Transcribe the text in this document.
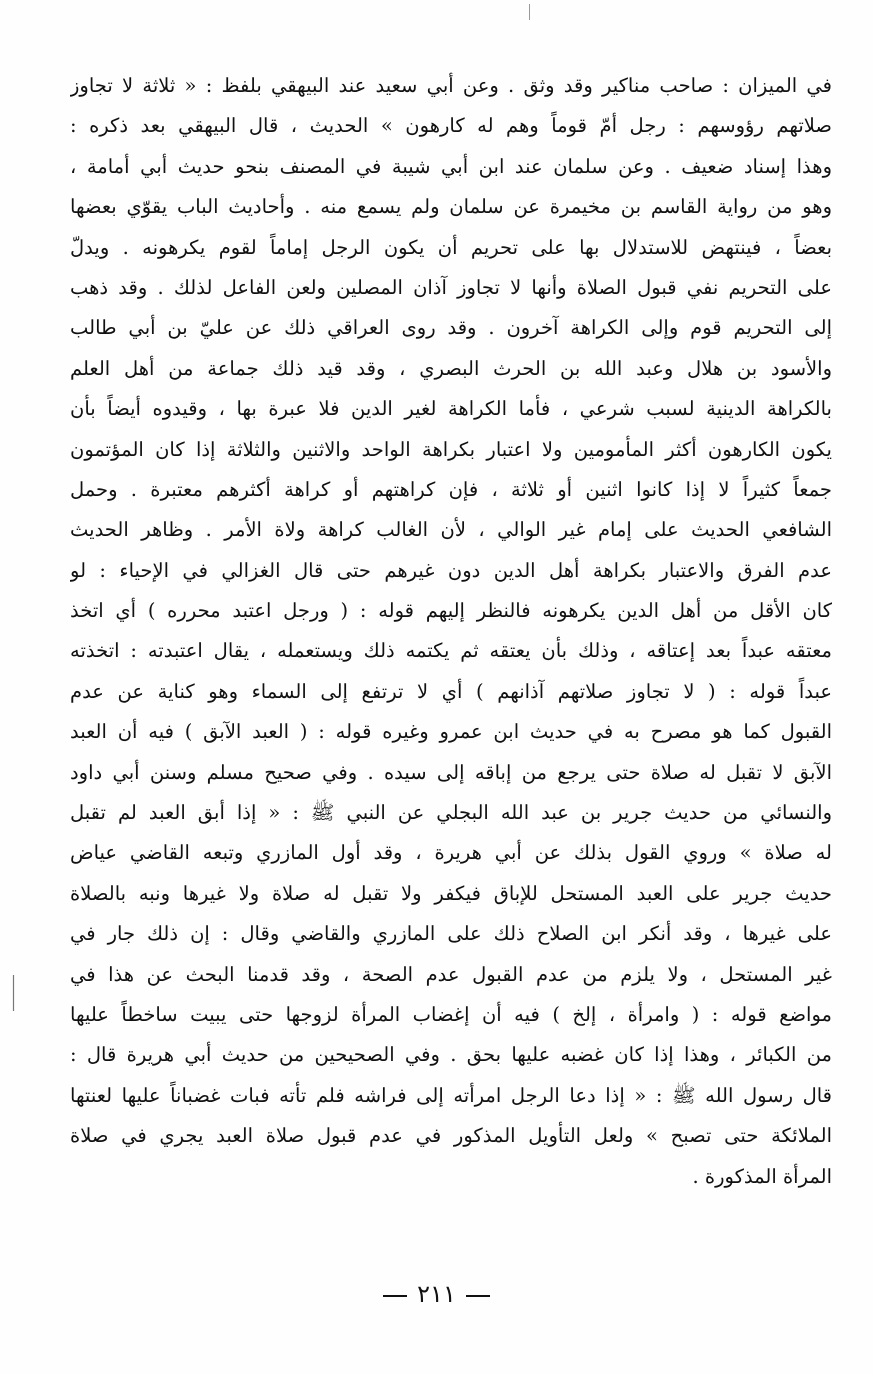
في الميزان : صاحب مناكير وقد وثق . وعن أبي سعيد عند البيهقي بلفظ : « ثلاثة لا تجاوز
صلاتهم رؤوسهم : رجل أمّ قوماً وهم له كارهون » الحديث ، قال البيهقي بعد ذكره :
وهذا إسناد ضعيف . وعن سلمان عند ابن أبي شيبة في المصنف بنحو حديث أبي أمامة ،
وهو من رواية القاسم بن مخيمرة عن سلمان ولم يسمع منه . وأحاديث الباب يقوّي بعضها
بعضاً ، فينتهض للاستدلال بها على تحريم أن يكون الرجل إماماً لقوم يكرهونه . ويدلّ
على التحريم نفي قبول الصلاة وأنها لا تجاوز آذان المصلين ولعن الفاعل لذلك . وقد ذهب
إلى التحريم قوم وإلى الكراهة آخرون . وقد روى العراقي ذلك عن عليّ بن أبي طالب
والأسود بن هلال وعبد الله بن الحرث البصري ، وقد قيد ذلك جماعة من أهل العلم
بالكراهة الدينية لسبب شرعي ، فأما الكراهة لغير الدين فلا عبرة بها ، وقيدوه أيضاً بأن
يكون الكارهون أكثر المأمومين ولا اعتبار بكراهة الواحد والاثنين والثلاثة إذا كان المؤتمون
جمعاً كثيراً لا إذا كانوا اثنين أو ثلاثة ، فإن كراهتهم أو كراهة أكثرهم معتبرة . وحمل
الشافعي الحديث على إمام غير الوالي ، لأن الغالب كراهة ولاة الأمر . وظاهر الحديث
عدم الفرق والاعتبار بكراهة أهل الدين دون غيرهم حتى قال الغزالي في الإحياء : لو
كان الأقل من أهل الدين يكرهونه فالنظر إليهم قوله : ( ورجل اعتبد محرره ) أي اتخذ
معتقه عبداً بعد إعتاقه ، وذلك بأن يعتقه ثم يكتمه ذلك ويستعمله ، يقال اعتبدته : اتخذته
عبداً قوله : ( لا تجاوز صلاتهم آذانهم ) أي لا ترتفع إلى السماء وهو كناية عن عدم
القبول كما هو مصرح به في حديث ابن عمرو وغيره قوله : ( العبد الآبق ) فيه أن العبد
الآبق لا تقبل له صلاة حتى يرجع من إباقه إلى سيده . وفي صحيح مسلم وسنن أبي داود
والنسائي من حديث جرير بن عبد الله البجلي عن النبي ﷺ : « إذا أبق العبد لم تقبل
له صلاة » وروي القول بذلك عن أبي هريرة ، وقد أول المازري وتبعه القاضي عياض
حديث جرير على العبد المستحل للإباق فيكفر ولا تقبل له صلاة ولا غيرها ونبه بالصلاة
على غيرها ، وقد أنكر ابن الصلاح ذلك على المازري والقاضي وقال : إن ذلك جار في
غير المستحل ، ولا يلزم من عدم القبول عدم الصحة ، وقد قدمنا البحث عن هذا في
مواضع قوله : ( وامرأة ، إلخ ) فيه أن إغضاب المرأة لزوجها حتى يبيت ساخطاً عليها
من الكبائر ، وهذا إذا كان غضبه عليها بحق . وفي الصحيحين من حديث أبي هريرة قال :
قال رسول الله ﷺ : « إذا دعا الرجل امرأته إلى فراشه فلم تأته فبات غضباناً عليها لعنتها
الملائكة حتى تصبح » ولعل التأويل المذكور في عدم قبول صلاة العبد يجري في صلاة
المرأة المذكورة .
٢١١
